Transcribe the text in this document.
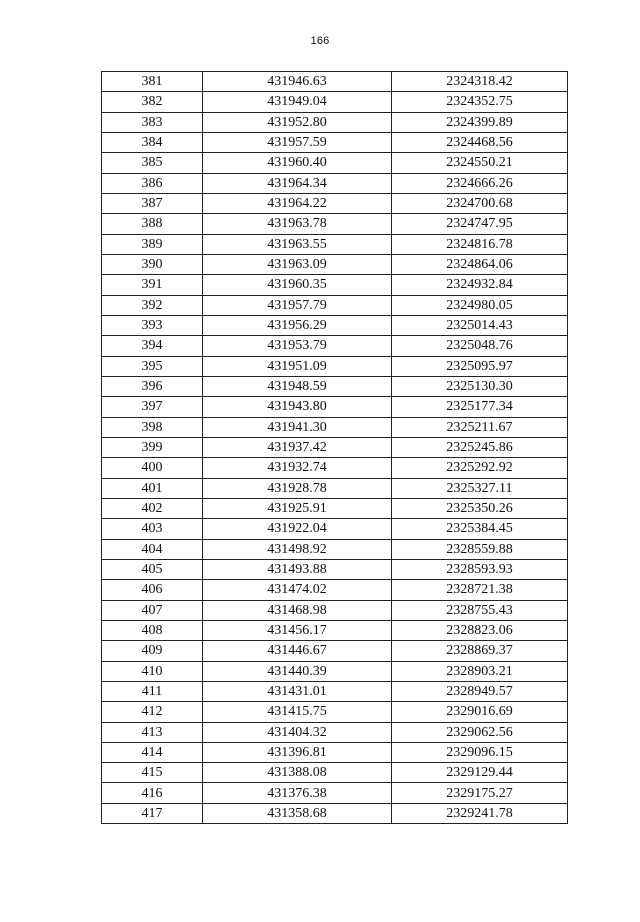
166
381	431946.63	2324318.42
382	431949.04	2324352.75
383	431952.80	2324399.89
384	431957.59	2324468.56
385	431960.40	2324550.21
386	431964.34	2324666.26
387	431964.22	2324700.68
388	431963.78	2324747.95
389	431963.55	2324816.78
390	431963.09	2324864.06
391	431960.35	2324932.84
392	431957.79	2324980.05
393	431956.29	2325014.43
394	431953.79	2325048.76
395	431951.09	2325095.97
396	431948.59	2325130.30
397	431943.80	2325177.34
398	431941.30	2325211.67
399	431937.42	2325245.86
400	431932.74	2325292.92
401	431928.78	2325327.11
402	431925.91	2325350.26
403	431922.04	2325384.45
404	431498.92	2328559.88
405	431493.88	2328593.93
406	431474.02	2328721.38
407	431468.98	2328755.43
408	431456.17	2328823.06
409	431446.67	2328869.37
410	431440.39	2328903.21
411	431431.01	2328949.57
412	431415.75	2329016.69
413	431404.32	2329062.56
414	431396.81	2329096.15
415	431388.08	2329129.44
416	431376.38	2329175.27
417	431358.68	2329241.78
